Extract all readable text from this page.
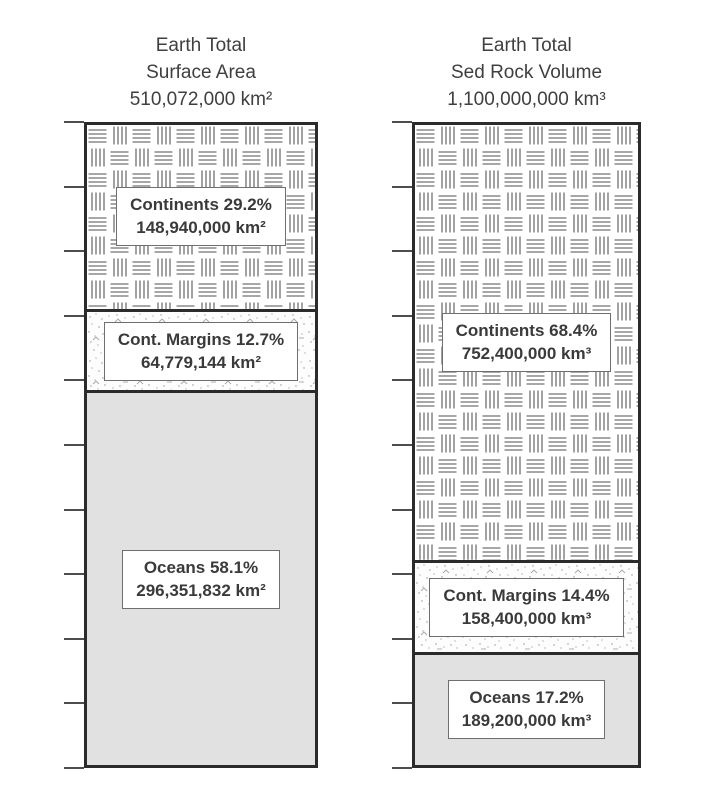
Earth Total
Surface Area
510,072,000 km²
Continents 29.2%
148,940,000 km²
Cont. Margins 12.7%
64,779,144 km²
Oceans 58.1%
296,351,832 km²
Earth Total
Sed Rock Volume
1,100,000,000 km³
Continents 68.4%
752,400,000 km³
Cont. Margins 14.4%
158,400,000 km³
Oceans 17.2%
189,200,000 km³
